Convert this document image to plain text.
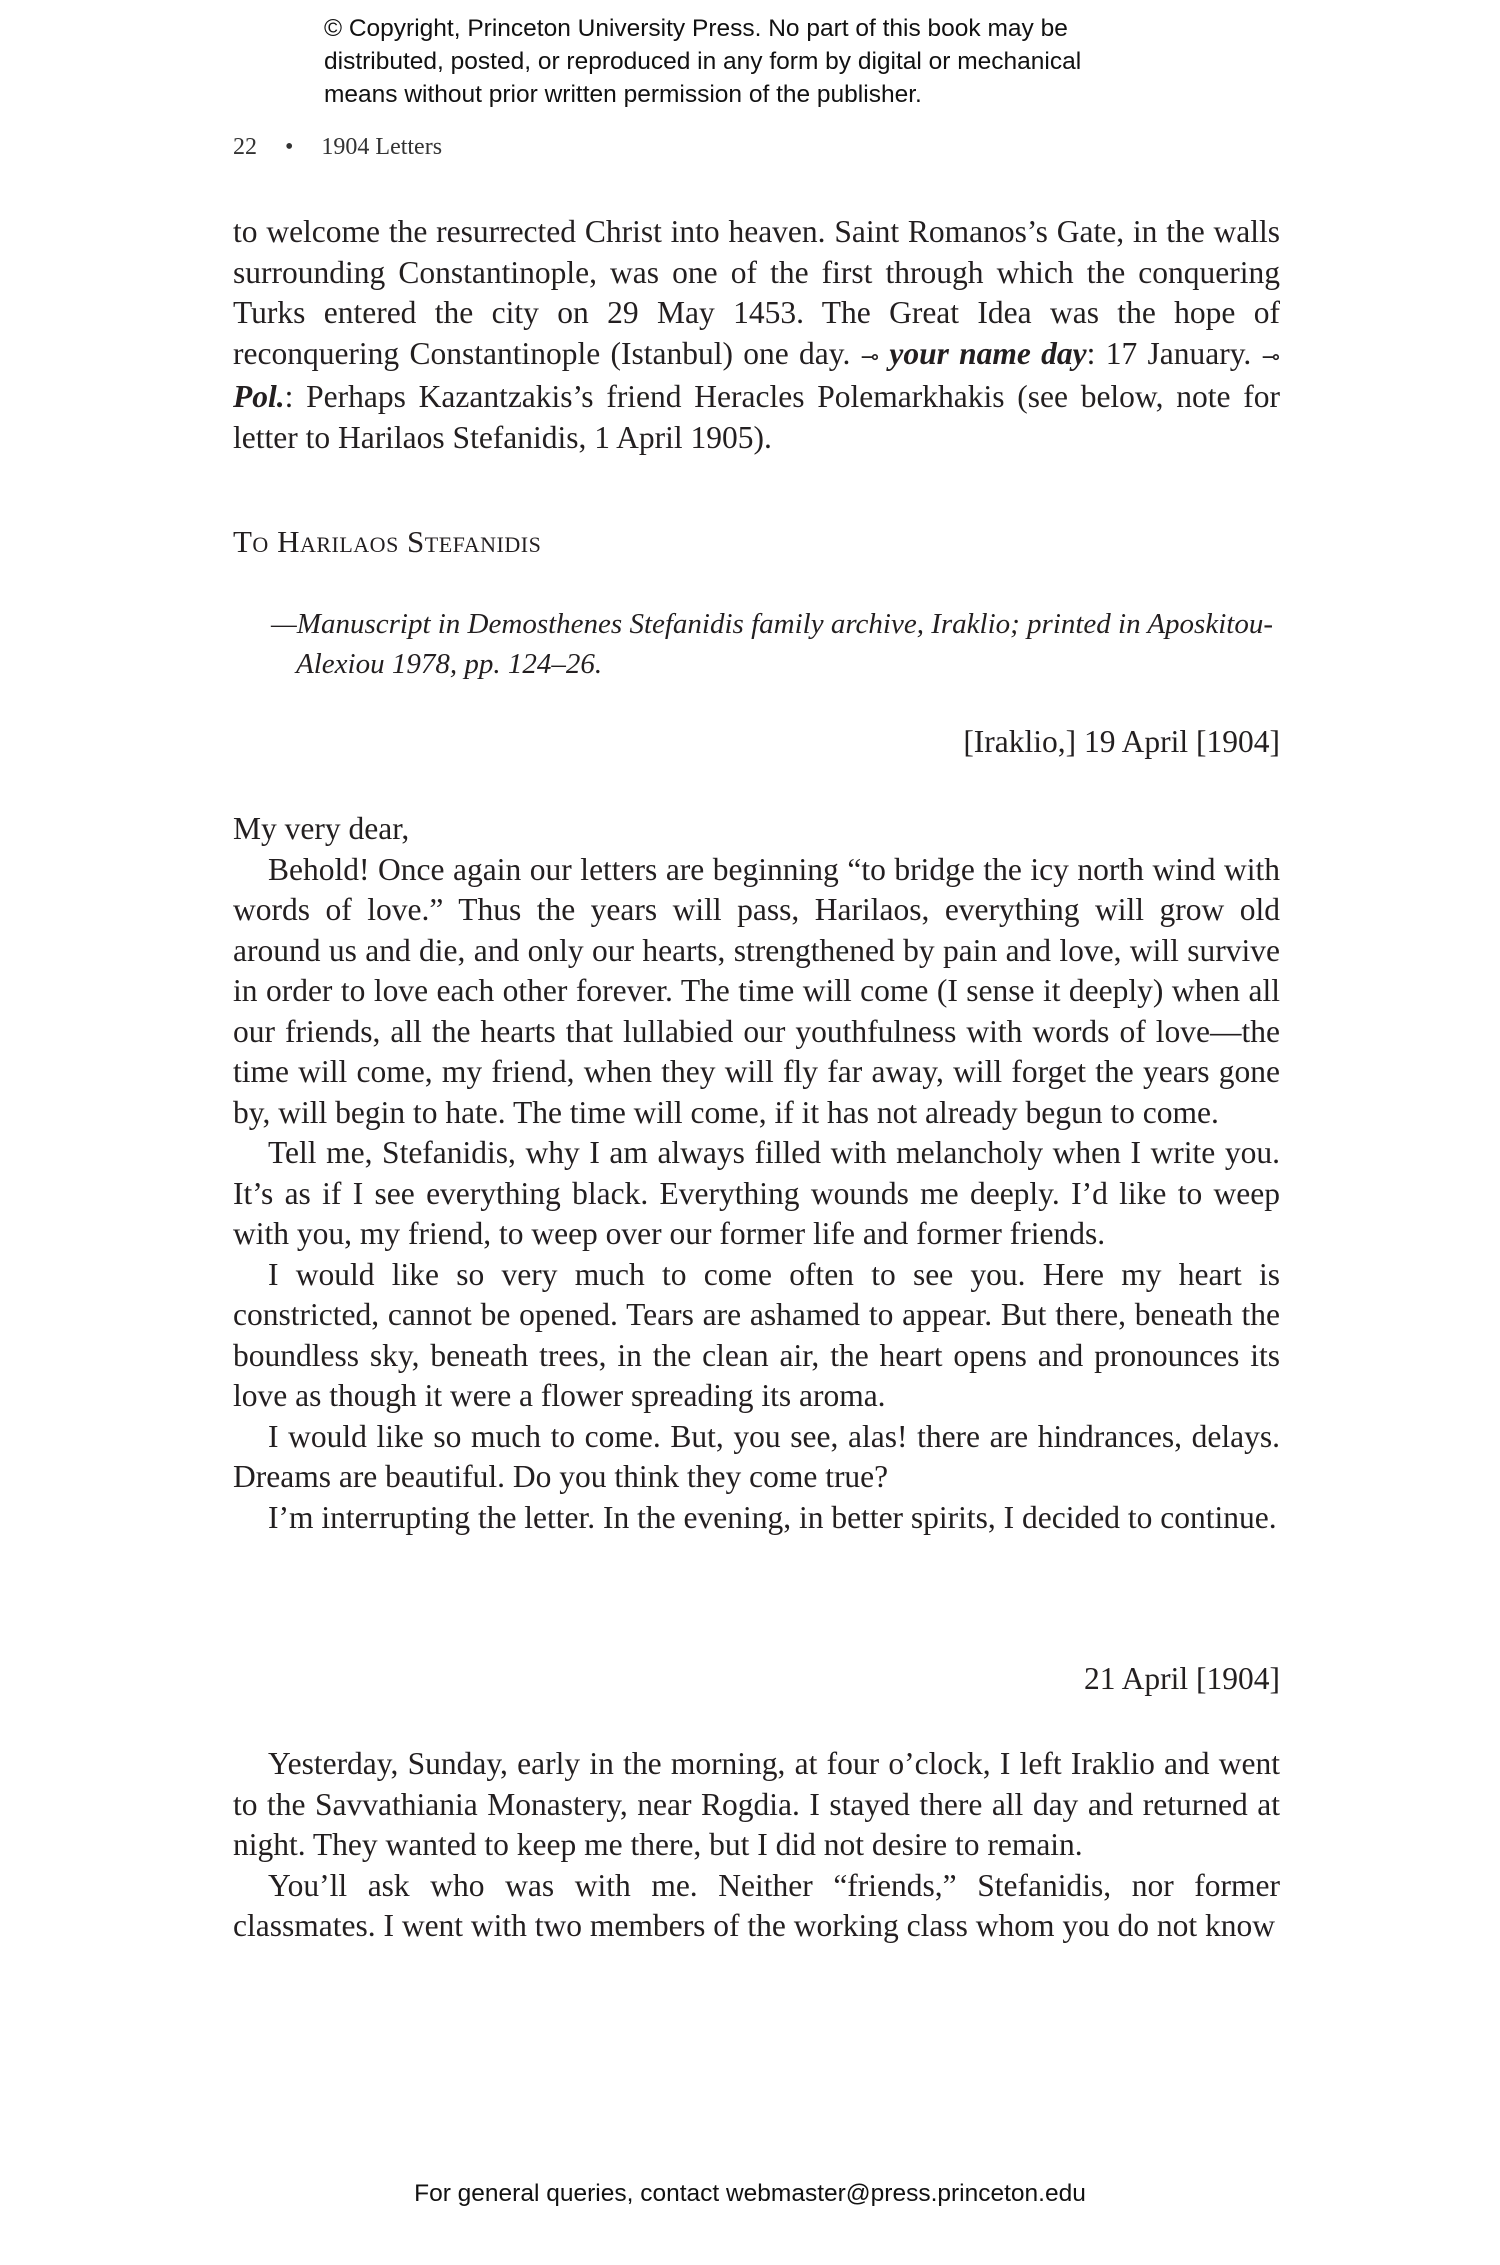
© Copyright, Princeton University Press. No part of this book may be
distributed, posted, or reproduced in any form by digital or mechanical
means without prior written permission of the publisher.
22 • 1904 Letters

to welcome the resurrected Christ into heaven. Saint Romanos’s Gate, in the walls surrounding Constantinople, was one of the first through which the conquering Turks entered the city on 29 May 1453. The Great Idea was the hope of reconquering Constantinople (Istanbul) one day. ⊸ your name day: 17 January. ⊸ Pol.: Perhaps Kazantzakis’s friend Heracles Polemarkhakis (see below, note for letter to Harilaos Stefanidis, 1 April 1905).

To Harilaos Stefanidis
—Manuscript in Demosthenes Stefanidis family archive, Iraklio; printed in Aposkitou-Alexiou 1978, pp. 124–26.
[Iraklio,] 19 April [1904]

My very dear,

Behold! Once again our letters are beginning “to bridge the icy north wind with words of love.” Thus the years will pass, Harilaos, everything will grow old around us and die, and only our hearts, strengthened by pain and love, will survive in order to love each other forever. The time will come (I sense it deeply) when all our friends, all the hearts that lullabied our youthfulness with words of love—the time will come, my friend, when they will fly far away, will forget the years gone by, will begin to hate. The time will come, if it has not already begun to come.

Tell me, Stefanidis, why I am always filled with melancholy when I write you. It’s as if I see everything black. Everything wounds me deeply. I’d like to weep with you, my friend, to weep over our former life and former friends.

I would like so very much to come often to see you. Here my heart is constricted, cannot be opened. Tears are ashamed to appear. But there, beneath the boundless sky, beneath trees, in the clean air, the heart opens and pronounces its love as though it were a flower spreading its aroma.

I would like so much to come. But, you see, alas! there are hindrances, delays. Dreams are beautiful. Do you think they come true?

I’m interrupting the letter. In the evening, in better spirits, I decided to continue.

21 April [1904]

Yesterday, Sunday, early in the morning, at four o’clock, I left Iraklio and went to the Savvathiania Monastery, near Rogdia. I stayed there all day and returned at night. They wanted to keep me there, but I did not desire to remain.

You’ll ask who was with me. Neither “friends,” Stefanidis, nor former classmates. I went with two members of the working class whom you do not know

For general queries, contact webmaster@press.princeton.edu
